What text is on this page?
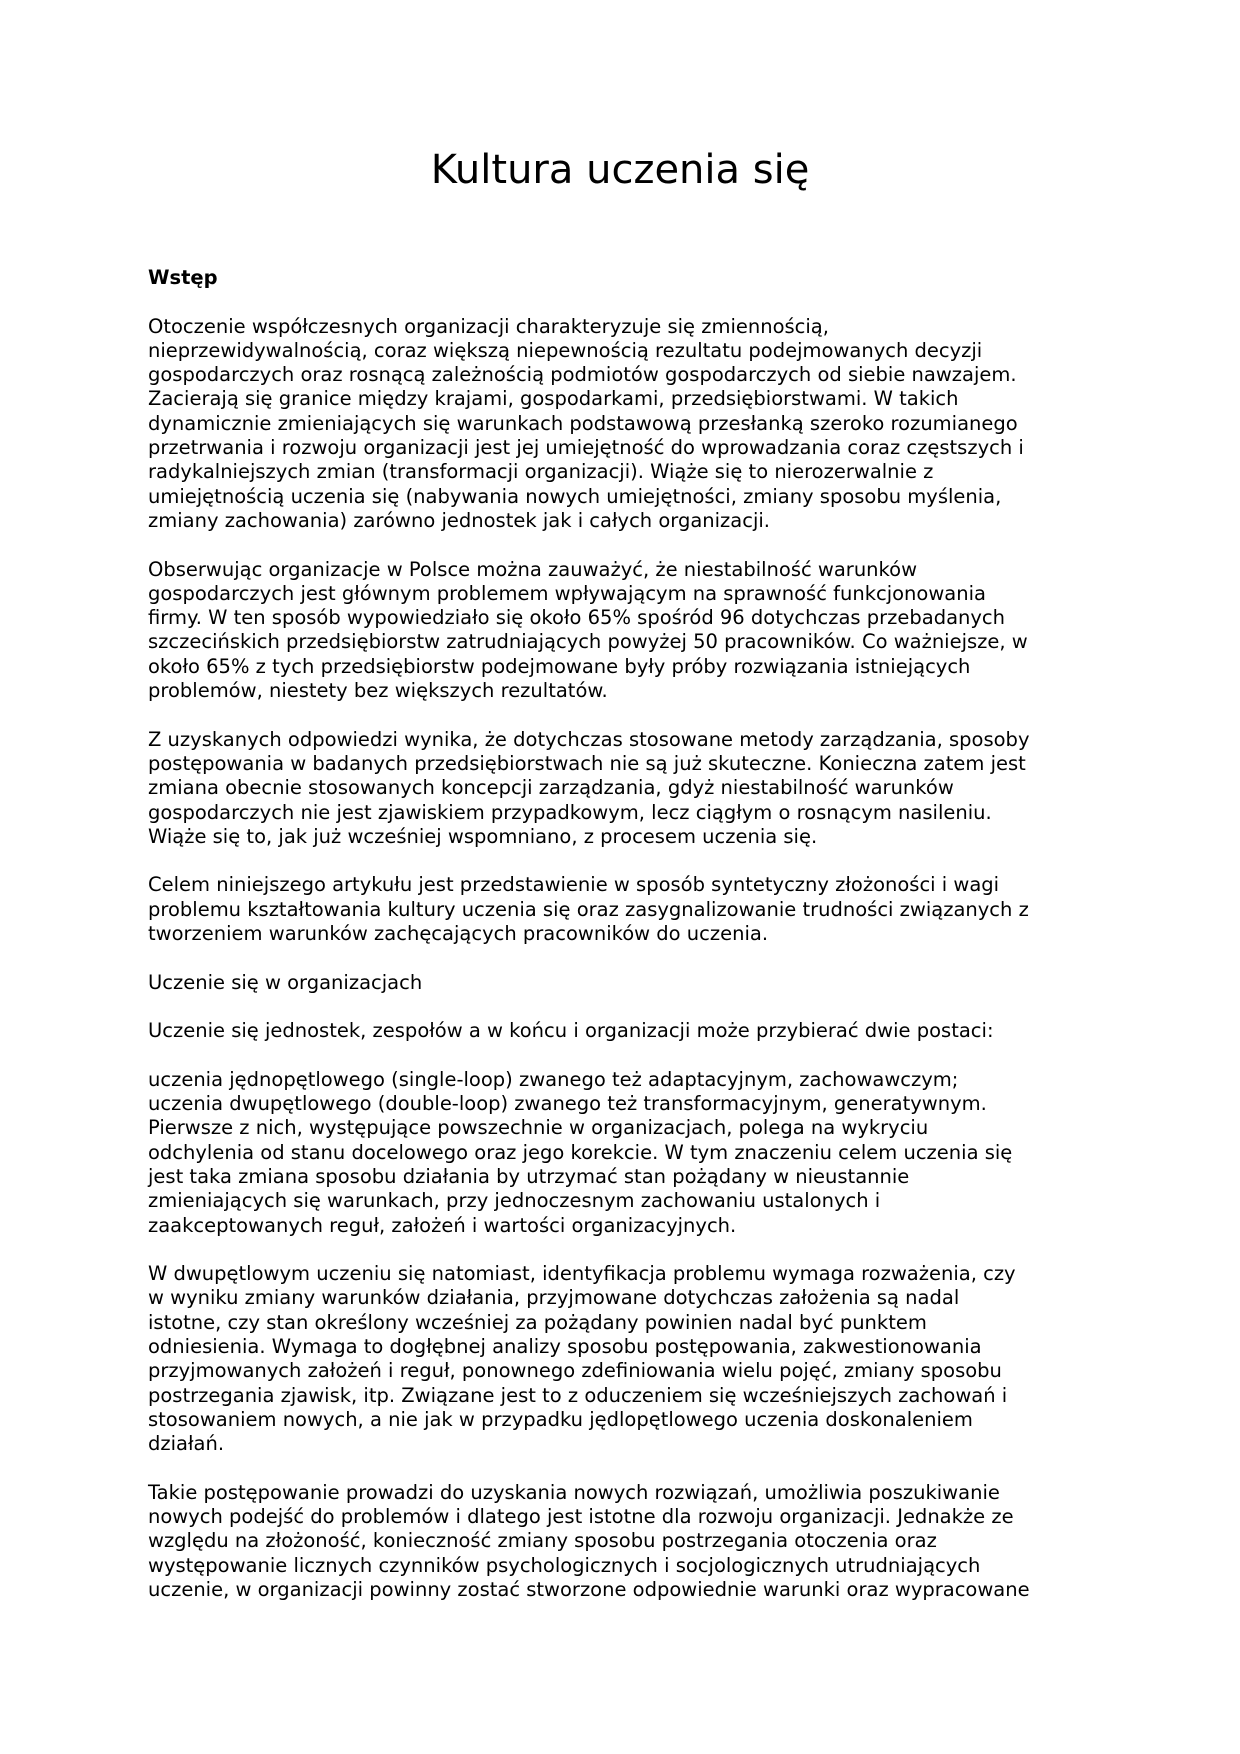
Kultura uczenia się

Wstęp

Otoczenie współczesnych organizacji charakteryzuje się zmiennością,
nieprzewidywalnością, coraz większą niepewnością rezultatu podejmowanych decyzji
gospodarczych oraz rosnącą zależnością podmiotów gospodarczych od siebie nawzajem.
Zacierają się granice między krajami, gospodarkami, przedsiębiorstwami. W takich
dynamicznie zmieniających się warunkach podstawową przesłanką szeroko rozumianego
przetrwania i rozwoju organizacji jest jej umiejętność do wprowadzania coraz częstszych i
radykalniejszych zmian (transformacji organizacji). Wiąże się to nierozerwalnie z
umiejętnością uczenia się (nabywania nowych umiejętności, zmiany sposobu myślenia,
zmiany zachowania) zarówno jednostek jak i całych organizacji.

Obserwując organizacje w Polsce można zauważyć, że niestabilność warunków
gospodarczych jest głównym problemem wpływającym na sprawność funkcjonowania
firmy. W ten sposób wypowiedziało się około 65% spośród 96 dotychczas przebadanych
szczecińskich przedsiębiorstw zatrudniających powyżej 50 pracowników. Co ważniejsze, w
około 65% z tych przedsiębiorstw podejmowane były próby rozwiązania istniejących
problemów, niestety bez większych rezultatów.

Z uzyskanych odpowiedzi wynika, że dotychczas stosowane metody zarządzania, sposoby
postępowania w badanych przedsiębiorstwach nie są już skuteczne. Konieczna zatem jest
zmiana obecnie stosowanych koncepcji zarządzania, gdyż niestabilność warunków
gospodarczych nie jest zjawiskiem przypadkowym, lecz ciągłym o rosnącym nasileniu.
Wiąże się to, jak już wcześniej wspomniano, z procesem uczenia się.

Celem niniejszego artykułu jest przedstawienie w sposób syntetyczny złożoności i wagi
problemu kształtowania kultury uczenia się oraz zasygnalizowanie trudności związanych z
tworzeniem warunków zachęcających pracowników do uczenia.

Uczenie się w organizacjach

Uczenie się jednostek, zespołów a w końcu i organizacji może przybierać dwie postaci:

uczenia jędnopętlowego (single-loop) zwanego też adaptacyjnym, zachowawczym;
uczenia dwupętlowego (double-loop) zwanego też transformacyjnym, generatywnym.
Pierwsze z nich, występujące powszechnie w organizacjach, polega na wykryciu
odchylenia od stanu docelowego oraz jego korekcie. W tym znaczeniu celem uczenia się
jest taka zmiana sposobu działania by utrzymać stan pożądany w nieustannie
zmieniających się warunkach, przy jednoczesnym zachowaniu ustalonych i
zaakceptowanych reguł, założeń i wartości organizacyjnych.

W dwupętlowym uczeniu się natomiast, identyfikacja problemu wymaga rozważenia, czy
w wyniku zmiany warunków działania, przyjmowane dotychczas założenia są nadal
istotne, czy stan określony wcześniej za pożądany powinien nadal być punktem
odniesienia. Wymaga to dogłębnej analizy sposobu postępowania, zakwestionowania
przyjmowanych założeń i reguł, ponownego zdefiniowania wielu pojęć, zmiany sposobu
postrzegania zjawisk, itp. Związane jest to z oduczeniem się wcześniejszych zachowań i
stosowaniem nowych, a nie jak w przypadku jędlopętlowego uczenia doskonaleniem
działań.

Takie postępowanie prowadzi do uzyskania nowych rozwiązań, umożliwia poszukiwanie
nowych podejść do problemów i dlatego jest istotne dla rozwoju organizacji. Jednakże ze
względu na złożoność, konieczność zmiany sposobu postrzegania otoczenia oraz
występowanie licznych czynników psychologicznych i socjologicznych utrudniających
uczenie, w organizacji powinny zostać stworzone odpowiednie warunki oraz wypracowane
